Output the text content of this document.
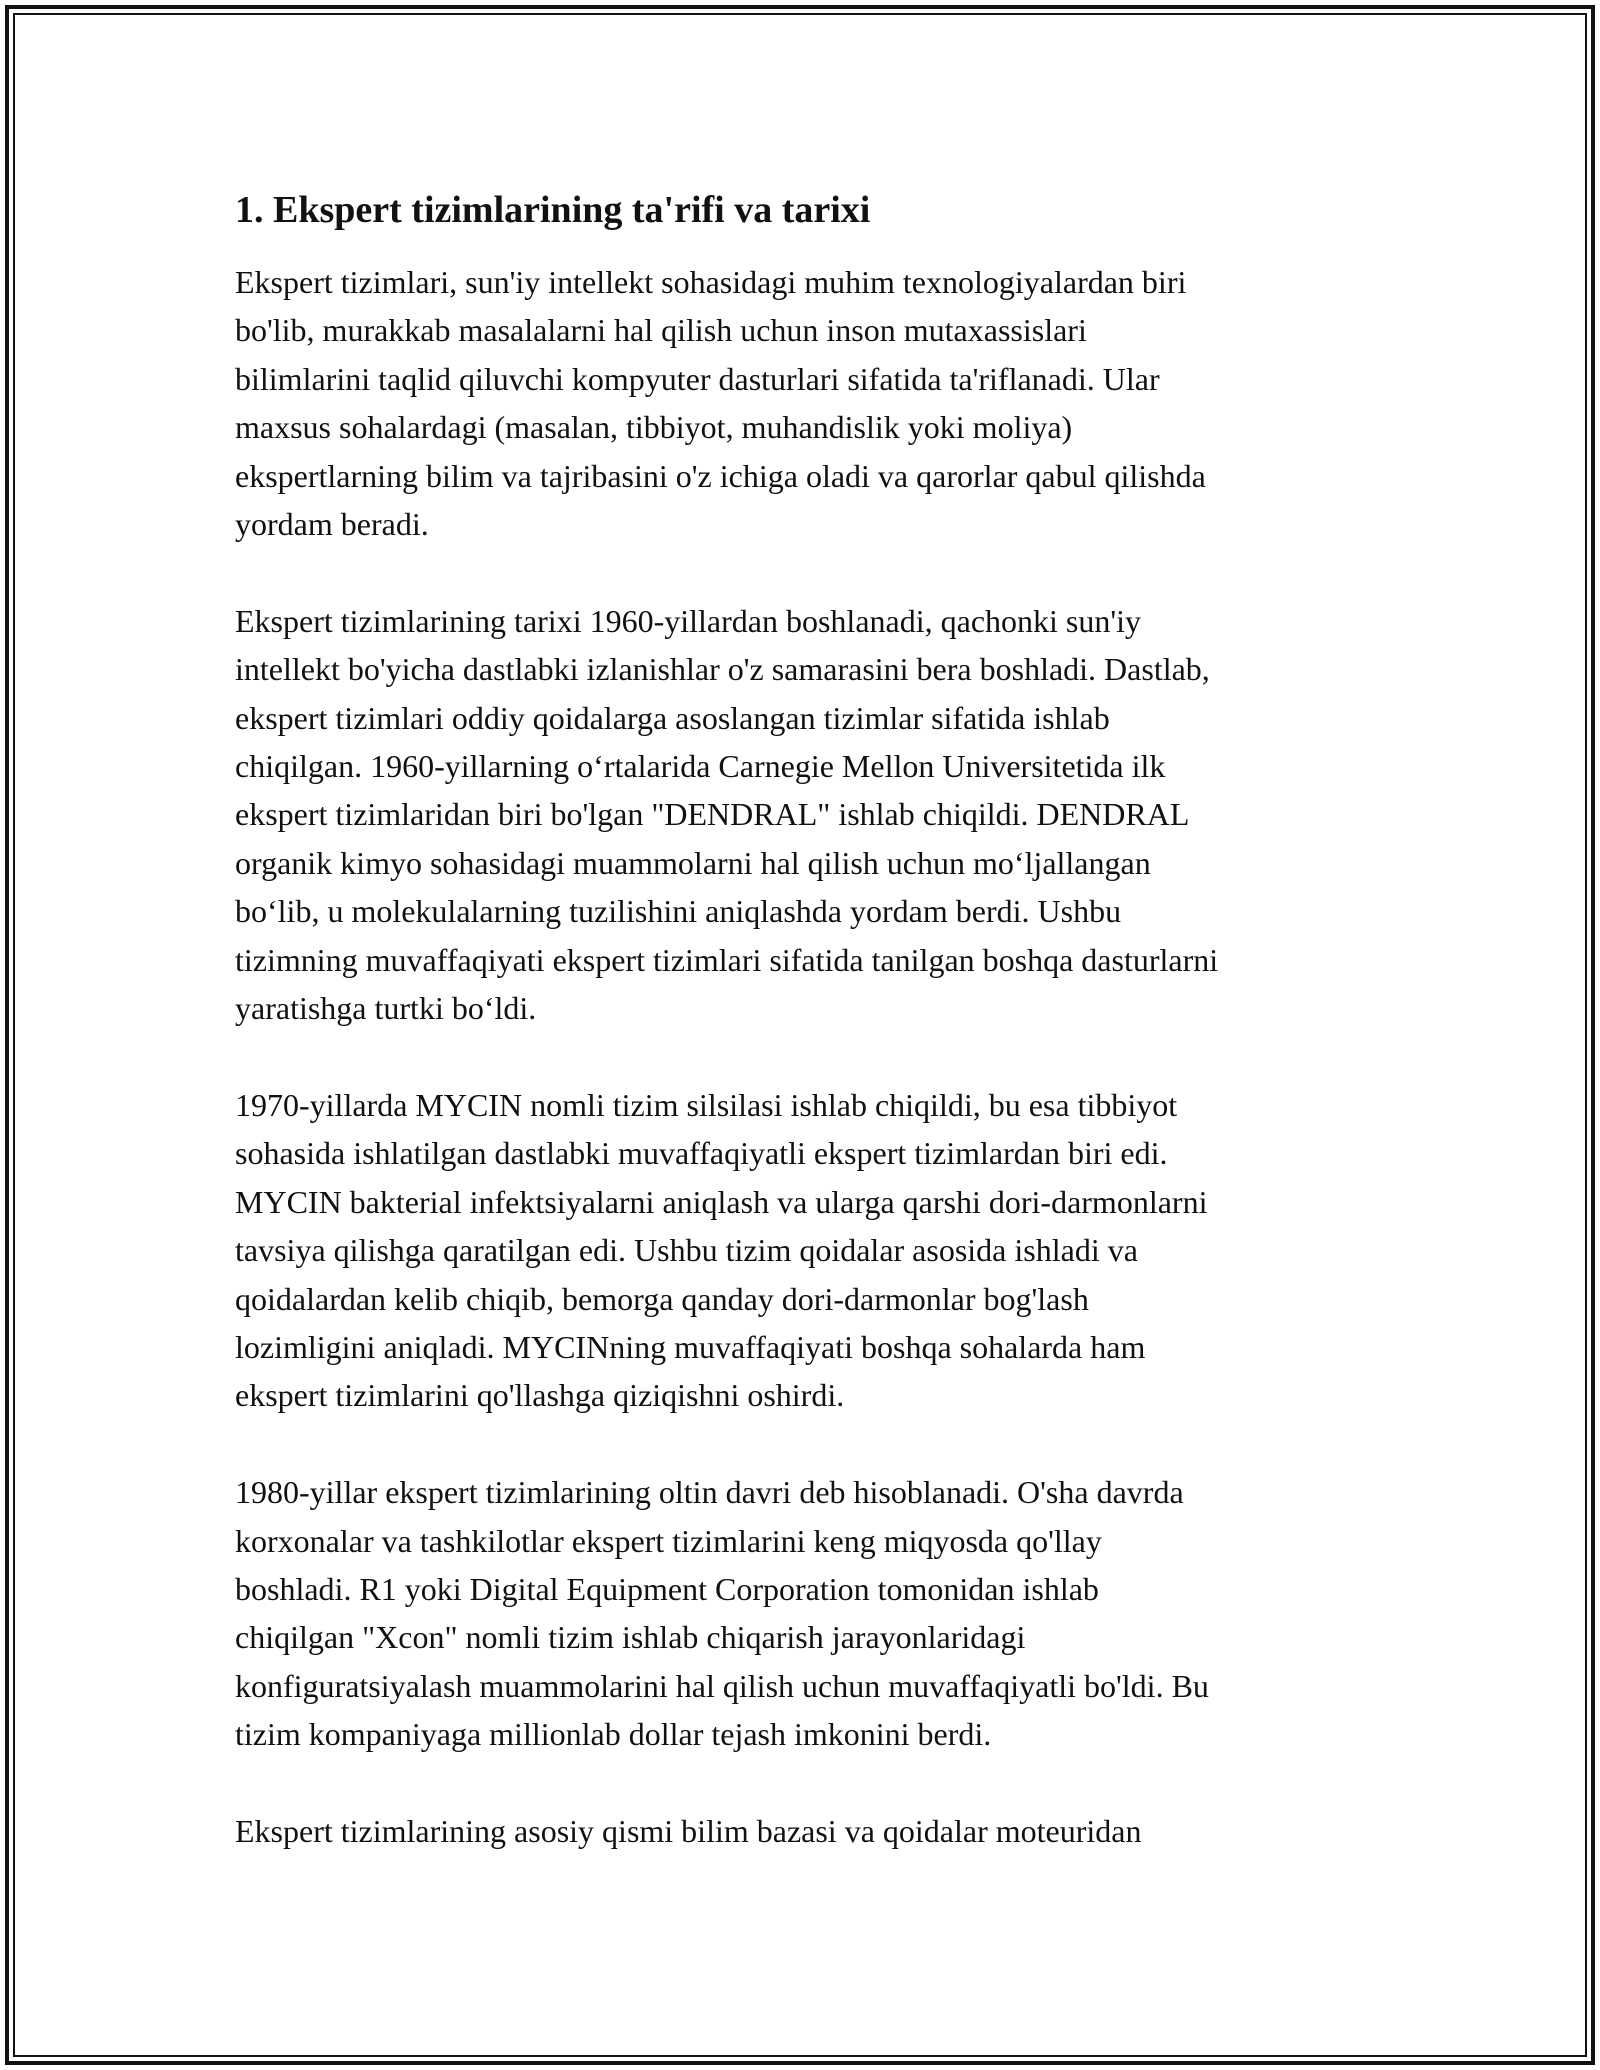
1. Ekspert tizimlarining ta'rifi va tarixi

Ekspert tizimlari, sun'iy intellekt sohasidagi muhim texnologiyalardan biri
bo'lib, murakkab masalalarni hal qilish uchun inson mutaxassislari
bilimlarini taqlid qiluvchi kompyuter dasturlari sifatida ta'riflanadi. Ular
maxsus sohalardagi (masalan, tibbiyot, muhandislik yoki moliya)
ekspertlarning bilim va tajribasini o'z ichiga oladi va qarorlar qabul qilishda
yordam beradi.

Ekspert tizimlarining tarixi 1960-yillardan boshlanadi, qachonki sun'iy
intellekt bo'yicha dastlabki izlanishlar o'z samarasini bera boshladi. Dastlab,
ekspert tizimlari oddiy qoidalarga asoslangan tizimlar sifatida ishlab
chiqilgan. 1960-yillarning o‘rtalarida Carnegie Mellon Universitetida ilk
ekspert tizimlaridan biri bo'lgan "DENDRAL" ishlab chiqildi. DENDRAL
organik kimyo sohasidagi muammolarni hal qilish uchun mo‘ljallangan
bo‘lib, u molekulalarning tuzilishini aniqlashda yordam berdi. Ushbu
tizimning muvaffaqiyati ekspert tizimlari sifatida tanilgan boshqa dasturlarni
yaratishga turtki bo‘ldi.

1970-yillarda MYCIN nomli tizim silsilasi ishlab chiqildi, bu esa tibbiyot
sohasida ishlatilgan dastlabki muvaffaqiyatli ekspert tizimlardan biri edi.
MYCIN bakterial infektsiyalarni aniqlash va ularga qarshi dori-darmonlarni
tavsiya qilishga qaratilgan edi. Ushbu tizim qoidalar asosida ishladi va
qoidalardan kelib chiqib, bemorga qanday dori-darmonlar bog'lash
lozimligini aniqladi. MYCINning muvaffaqiyati boshqa sohalarda ham
ekspert tizimlarini qo'llashga qiziqishni oshirdi.

1980-yillar ekspert tizimlarining oltin davri deb hisoblanadi. O'sha davrda
korxonalar va tashkilotlar ekspert tizimlarini keng miqyosda qo'llay
boshladi. R1 yoki Digital Equipment Corporation tomonidan ishlab
chiqilgan "Xcon" nomli tizim ishlab chiqarish jarayonlaridagi
konfiguratsiyalash muammolarini hal qilish uchun muvaffaqiyatli bo'ldi. Bu
tizim kompaniyaga millionlab dollar tejash imkonini berdi.

Ekspert tizimlarining asosiy qismi bilim bazasi va qoidalar moteuridan
